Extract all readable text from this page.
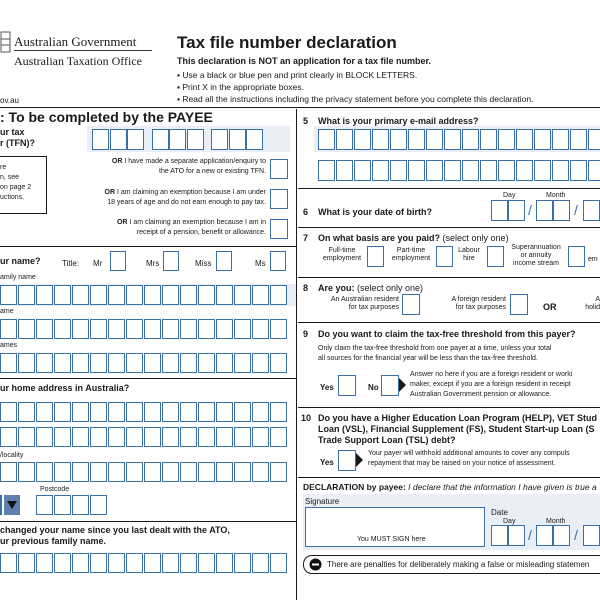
Australian Government
Australian Taxation Office
ov.au
Tax file number declaration
This declaration is NOT an application for a tax file number.
▪ Use a black or blue pen and print clearly in BLOCK LETTERS.
▪ Print X in the appropriate boxes.
▪ Read all the instructions including the privacy statement before you complete this declaration.
: To be completed by the PAYEE
ur tax
r (TFN)?
re
n, see
on page 2
uctions.
OR I have made a separate application/enquiry to
the ATO for a new or existing TFN.
OR I am claiming an exemption because I am under
18 years of age and do not earn enough to pay tax.
OR I am claiming an exemption because I am in
receipt of a pension, benefit or allowance.
ur name?	Title: Mr	Mrs	Miss	Ms
amily name
ame
ames
ur home address in Australia?
/locality
Postcode
changed your name since you last dealt with the ATO,
ur previous family name.
5 What is your primary e-mail address?
6 What is your date of birth?
Day	Month
/	/
7 On what basis are you paid? (select only one)
Full-time
employment
Part-time
employment
Labour
hire
Superannuation
or annuity
income stream
em
8 Are you: (select only one)
An Australian resident
for tax purposes
A foreign resident
for tax purposes	OR
A
holid
9 Do you want to claim the tax-free threshold from this payer?
Only claim the tax-free threshold from one payer at a time, unless your total
all sources for the financial year will be less than the tax-free threshold.
Yes	No
Answer no here if you are a foreign resident or worki
maker, except if you are a foreign resident in receipt
Australian Government pension or allowance.
10 Do you have a Higher Education Loan Program (HELP), VET Stud
Loan (VSL), Financial Supplement (FS), Student Start-up Loan (S
Trade Support Loan (TSL) debt?
Yes
Your payer will withhold additional amounts to cover any compuls
repayment that may be raised on your notice of assessment.
DECLARATION by payee: I declare that the information I have given is true a
Signature
You MUST SIGN here
Date
Day	Month
/	/
There are penalties for deliberately making a false or misleading statemen
